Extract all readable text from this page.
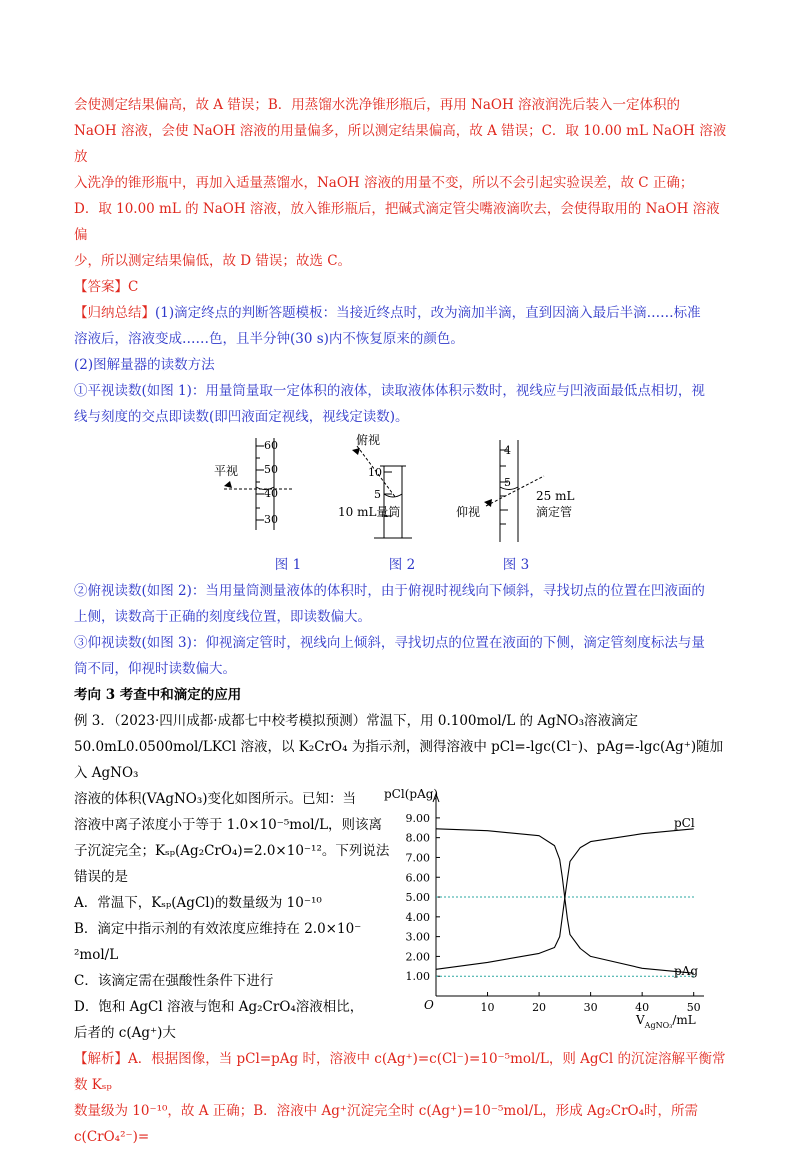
会使测定结果偏高，故 A 错误；B．用蒸馏水洗净锥形瓶后，再用 NaOH 溶液润洗后装入一定体积的

NaOH 溶液，会使 NaOH 溶液的用量偏多，所以测定结果偏高，故 A 错误；C．取 10.00 mL NaOH 溶液放

入洗净的锥形瓶中，再加入适量蒸馏水，NaOH 溶液的用量不变，所以不会引起实验误差，故 C 正确；

D．取 10.00 mL 的 NaOH 溶液，放入锥形瓶后，把碱式滴定管尖嘴液滴吹去，会使得取用的 NaOH 溶液偏

少，所以测定结果偏低，故 D 错误；故选 C。

【答案】C

【归纳总结】(1)滴定终点的判断答题模板：当接近终点时，改为滴加半滴，直到因滴入最后半滴……标准

溶液后，溶液变成……色，且半分钟(30 s)内不恢复原来的颜色。

(2)图解量器的读数方法

①平视读数(如图 1)：用量筒量取一定体积的液体，读取液体体积示数时，视线应与凹液面最低点相切，视

线与刻度的交点即读数(即凹液面定视线，视线定读数)。

60
50
40
30
平视	10
5
俯视
10 mL量筒
4
5
仰视
25 mL
滴定管
图 1	图 2	图 3

②俯视读数(如图 2)：当用量筒测量液体的体积时，由于俯视时视线向下倾斜，寻找切点的位置在凹液面的

上侧，读数高于正确的刻度线位置，即读数偏大。

③仰视读数(如图 3)：仰视滴定管时，视线向上倾斜，寻找切点的位置在液面的下侧，滴定管刻度标法与量

筒不同，仰视时读数偏大。

考向 3 考查中和滴定的应用

例 3．（2023·四川成都·成都七中校考模拟预测）常温下，用 0.100mol/L 的 AgNO₃溶液滴定

50.0mL0.0500mol/LKCl 溶液，以 K₂CrO₄ 为指示剂，测得溶液中 pCl=-lgc(Cl⁻)、pAg=-lgc(Ag⁺)随加入 AgNO₃

溶液的体积(VAgNO₃)变化如图所示。已知：当

溶液中离子浓度小于等于 1.0×10⁻⁵mol/L，则该离

子沉淀完全；Kₛₚ(Ag₂CrO₄)=2.0×10⁻¹²。下列说法

错误的是

A．常温下，Kₛₚ(AgCl)的数量级为 10⁻¹⁰

B．滴定中指示剂的有效浓度应维持在 2.0×10⁻

²mol/L

C．该滴定需在强酸性条件下进行

D．饱和 AgCl 溶液与饱和 Ag₂CrO₄溶液相比，

后者的 c(Ag⁺)大

pCl(pAg)
O
1.00
2.00
3.00
4.00
5.00
6.00
7.00
8.00
9.00
10	20	30	40	50
pCl
pAg
$V_{AgNO_3}/mL$

【解析】A．根据图像，当 pCl=pAg 时，溶液中 c(Ag⁺)=c(Cl⁻)=10⁻⁵mol/L，则 AgCl 的沉淀溶解平衡常数 Kₛₚ

数量级为 10⁻¹⁰，故 A 正确；B．溶液中 Ag⁺沉淀完全时 c(Ag⁺)=10⁻⁵mol/L，形成 Ag₂CrO₄时，所需 c(CrO₄²⁻)=
